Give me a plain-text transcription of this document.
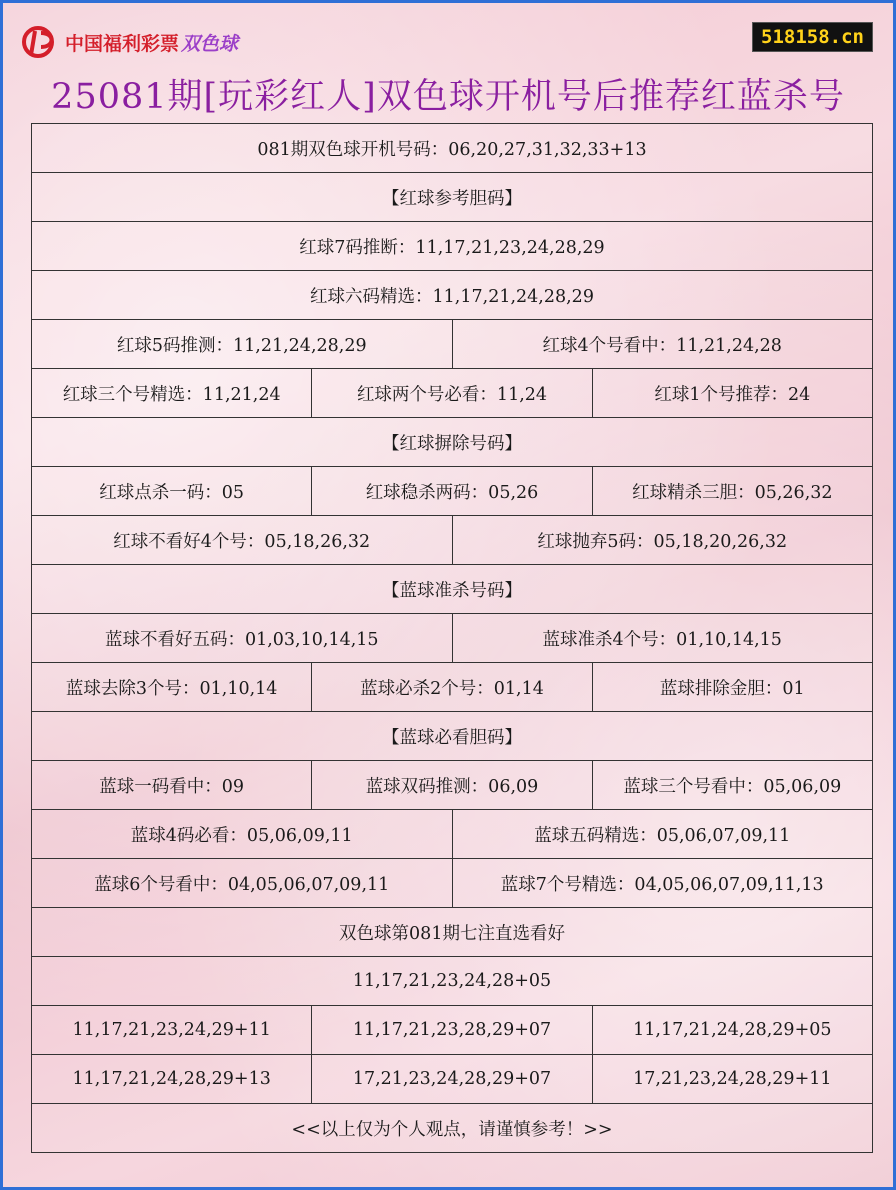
中国福利彩票 双色球	518158.cn
25081期[玩彩红人]双色球开机号后推荐红蓝杀号
081期双色球开机号码：06,20,27,31,32,33+13
【红球参考胆码】
红球7码推断：11,17,21,23,24,28,29
红球六码精选：11,17,21,24,28,29
红球5码推测：11,21,24,28,29	红球4个号看中：11,21,24,28
红球三个号精选：11,21,24	红球两个号必看：11,24	红球1个号推荐：24
【红球摒除号码】
红球点杀一码：05	红球稳杀两码：05,26	红球精杀三胆：05,26,32
红球不看好4个号：05,18,26,32	红球抛弃5码：05,18,20,26,32
【蓝球准杀号码】
蓝球不看好五码：01,03,10,14,15	蓝球准杀4个号：01,10,14,15
蓝球去除3个号：01,10,14	蓝球必杀2个号：01,14	蓝球排除金胆：01
【蓝球必看胆码】
蓝球一码看中：09	蓝球双码推测：06,09	蓝球三个号看中：05,06,09
蓝球4码必看：05,06,09,11	蓝球五码精选：05,06,07,09,11
蓝球6个号看中：04,05,06,07,09,11	蓝球7个号精选：04,05,06,07,09,11,13
双色球第081期七注直选看好
11,17,21,23,24,28+05
11,17,21,23,24,29+11	11,17,21,23,28,29+07	11,17,21,24,28,29+05
11,17,21,24,28,29+13	17,21,23,24,28,29+07	17,21,23,24,28,29+11
<<以上仅为个人观点，请谨慎参考！>>
